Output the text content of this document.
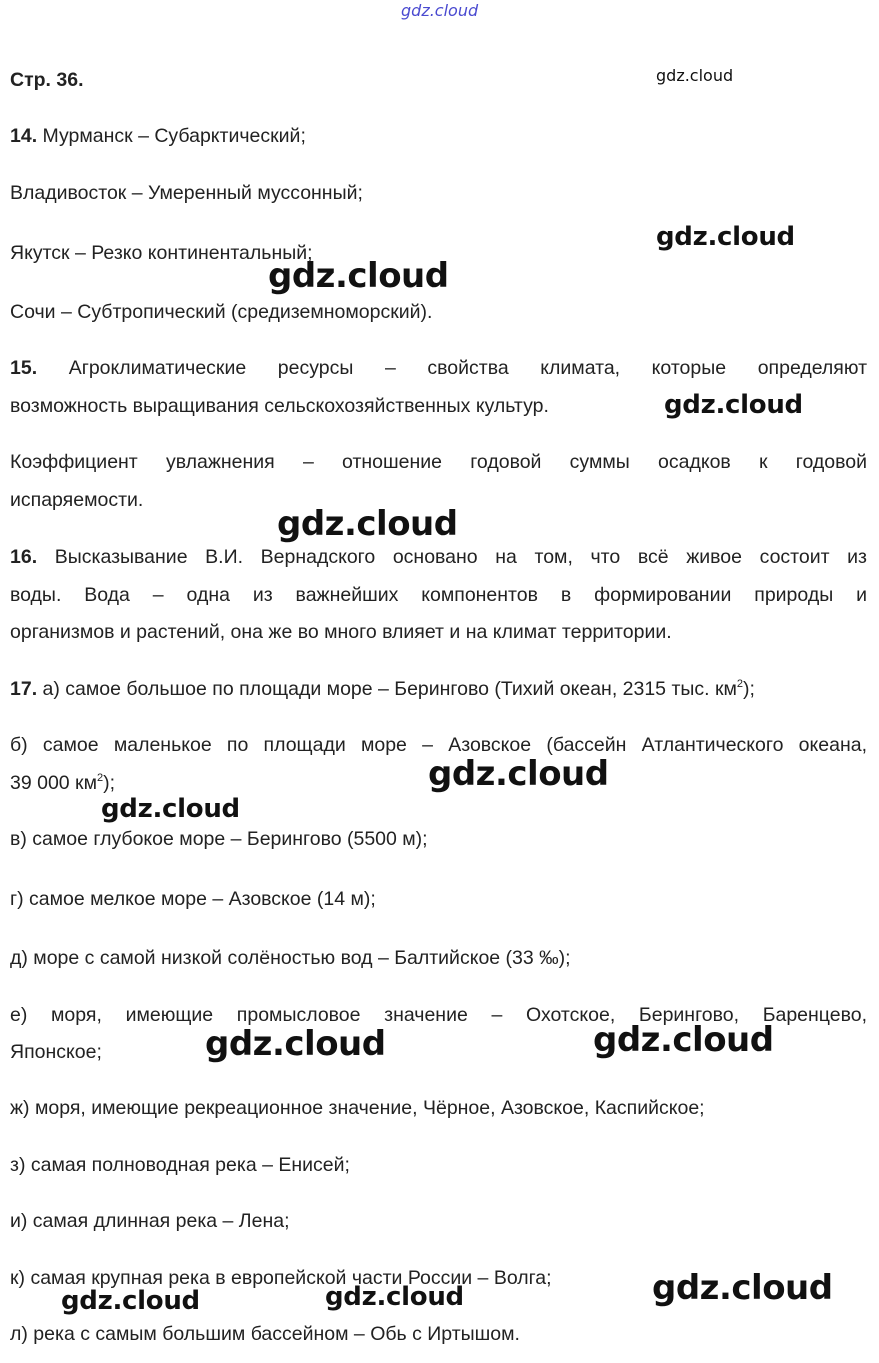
gdz.cloud
gdz.cloud
gdz.cloud
gdz.cloud
gdz.cloud
gdz.cloud
gdz.cloud
gdz.cloud
gdz.cloud	gdz.cloud
gdz.cloud
gdz.cloud	gdz.cloud

Стр. 36.

14. Мурманск – Субарктический;

Владивосток – Умеренный муссонный;

Якутск – Резко континентальный;

Сочи – Субтропический (средиземноморский).

15. Агроклиматические ресурсы – свойства климата, которые определяют

возможность выращивания сельскохозяйственных культур.

Коэффициент увлажнения – отношение годовой суммы осадков к годовой

испаряемости.

16. Высказывание В.И. Вернадского основано на том, что всё живое состоит из

воды. Вода – одна из важнейших компонентов в формировании природы и

организмов и растений, она же во много влияет и на климат территории.

17. а) самое большое по площади море – Берингово (Тихий океан, 2315 тыс. $км^2$);

б) самое маленькое по площади море – Азовское (бассейн Атлантического океана,

39 000 $км^2$);

в) самое глубокое море – Берингово (5500 м);

г) самое мелкое море – Азовское (14 м);

д) море с самой низкой солёностью вод – Балтийское (33 ‰);

е) моря, имеющие промысловое значение – Охотское, Берингово, Баренцево,

Японское;

ж) моря, имеющие рекреационное значение, Чёрное, Азовское, Каспийское;

з) самая полноводная река – Енисей;

и) самая длинная река – Лена;

к) самая крупная река в европейской части России – Волга;

л) река с самым большим бассейном – Обь с Иртышом.
